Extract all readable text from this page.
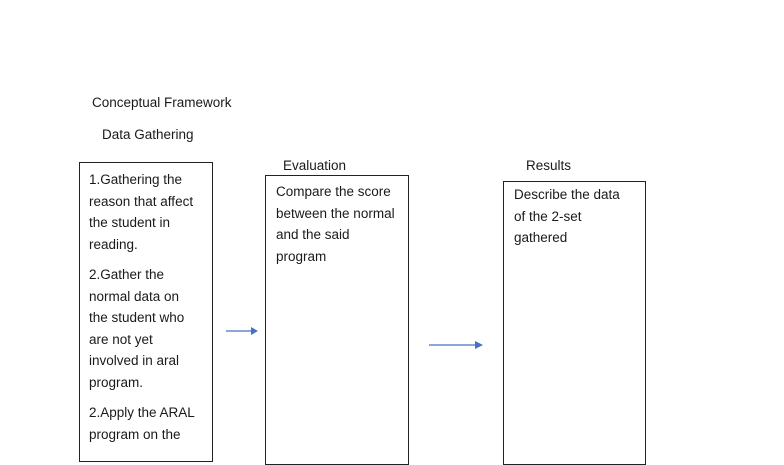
Conceptual Framework
Data Gathering

1.Gathering the reason that affect the student in reading.

2.Gather the normal data on the student who are not yet involved in aral program.

2.Apply the ARAL program on the

Evaluation

Compare the score between the normal and the said program

Results

Describe the data of the 2-set gathered
